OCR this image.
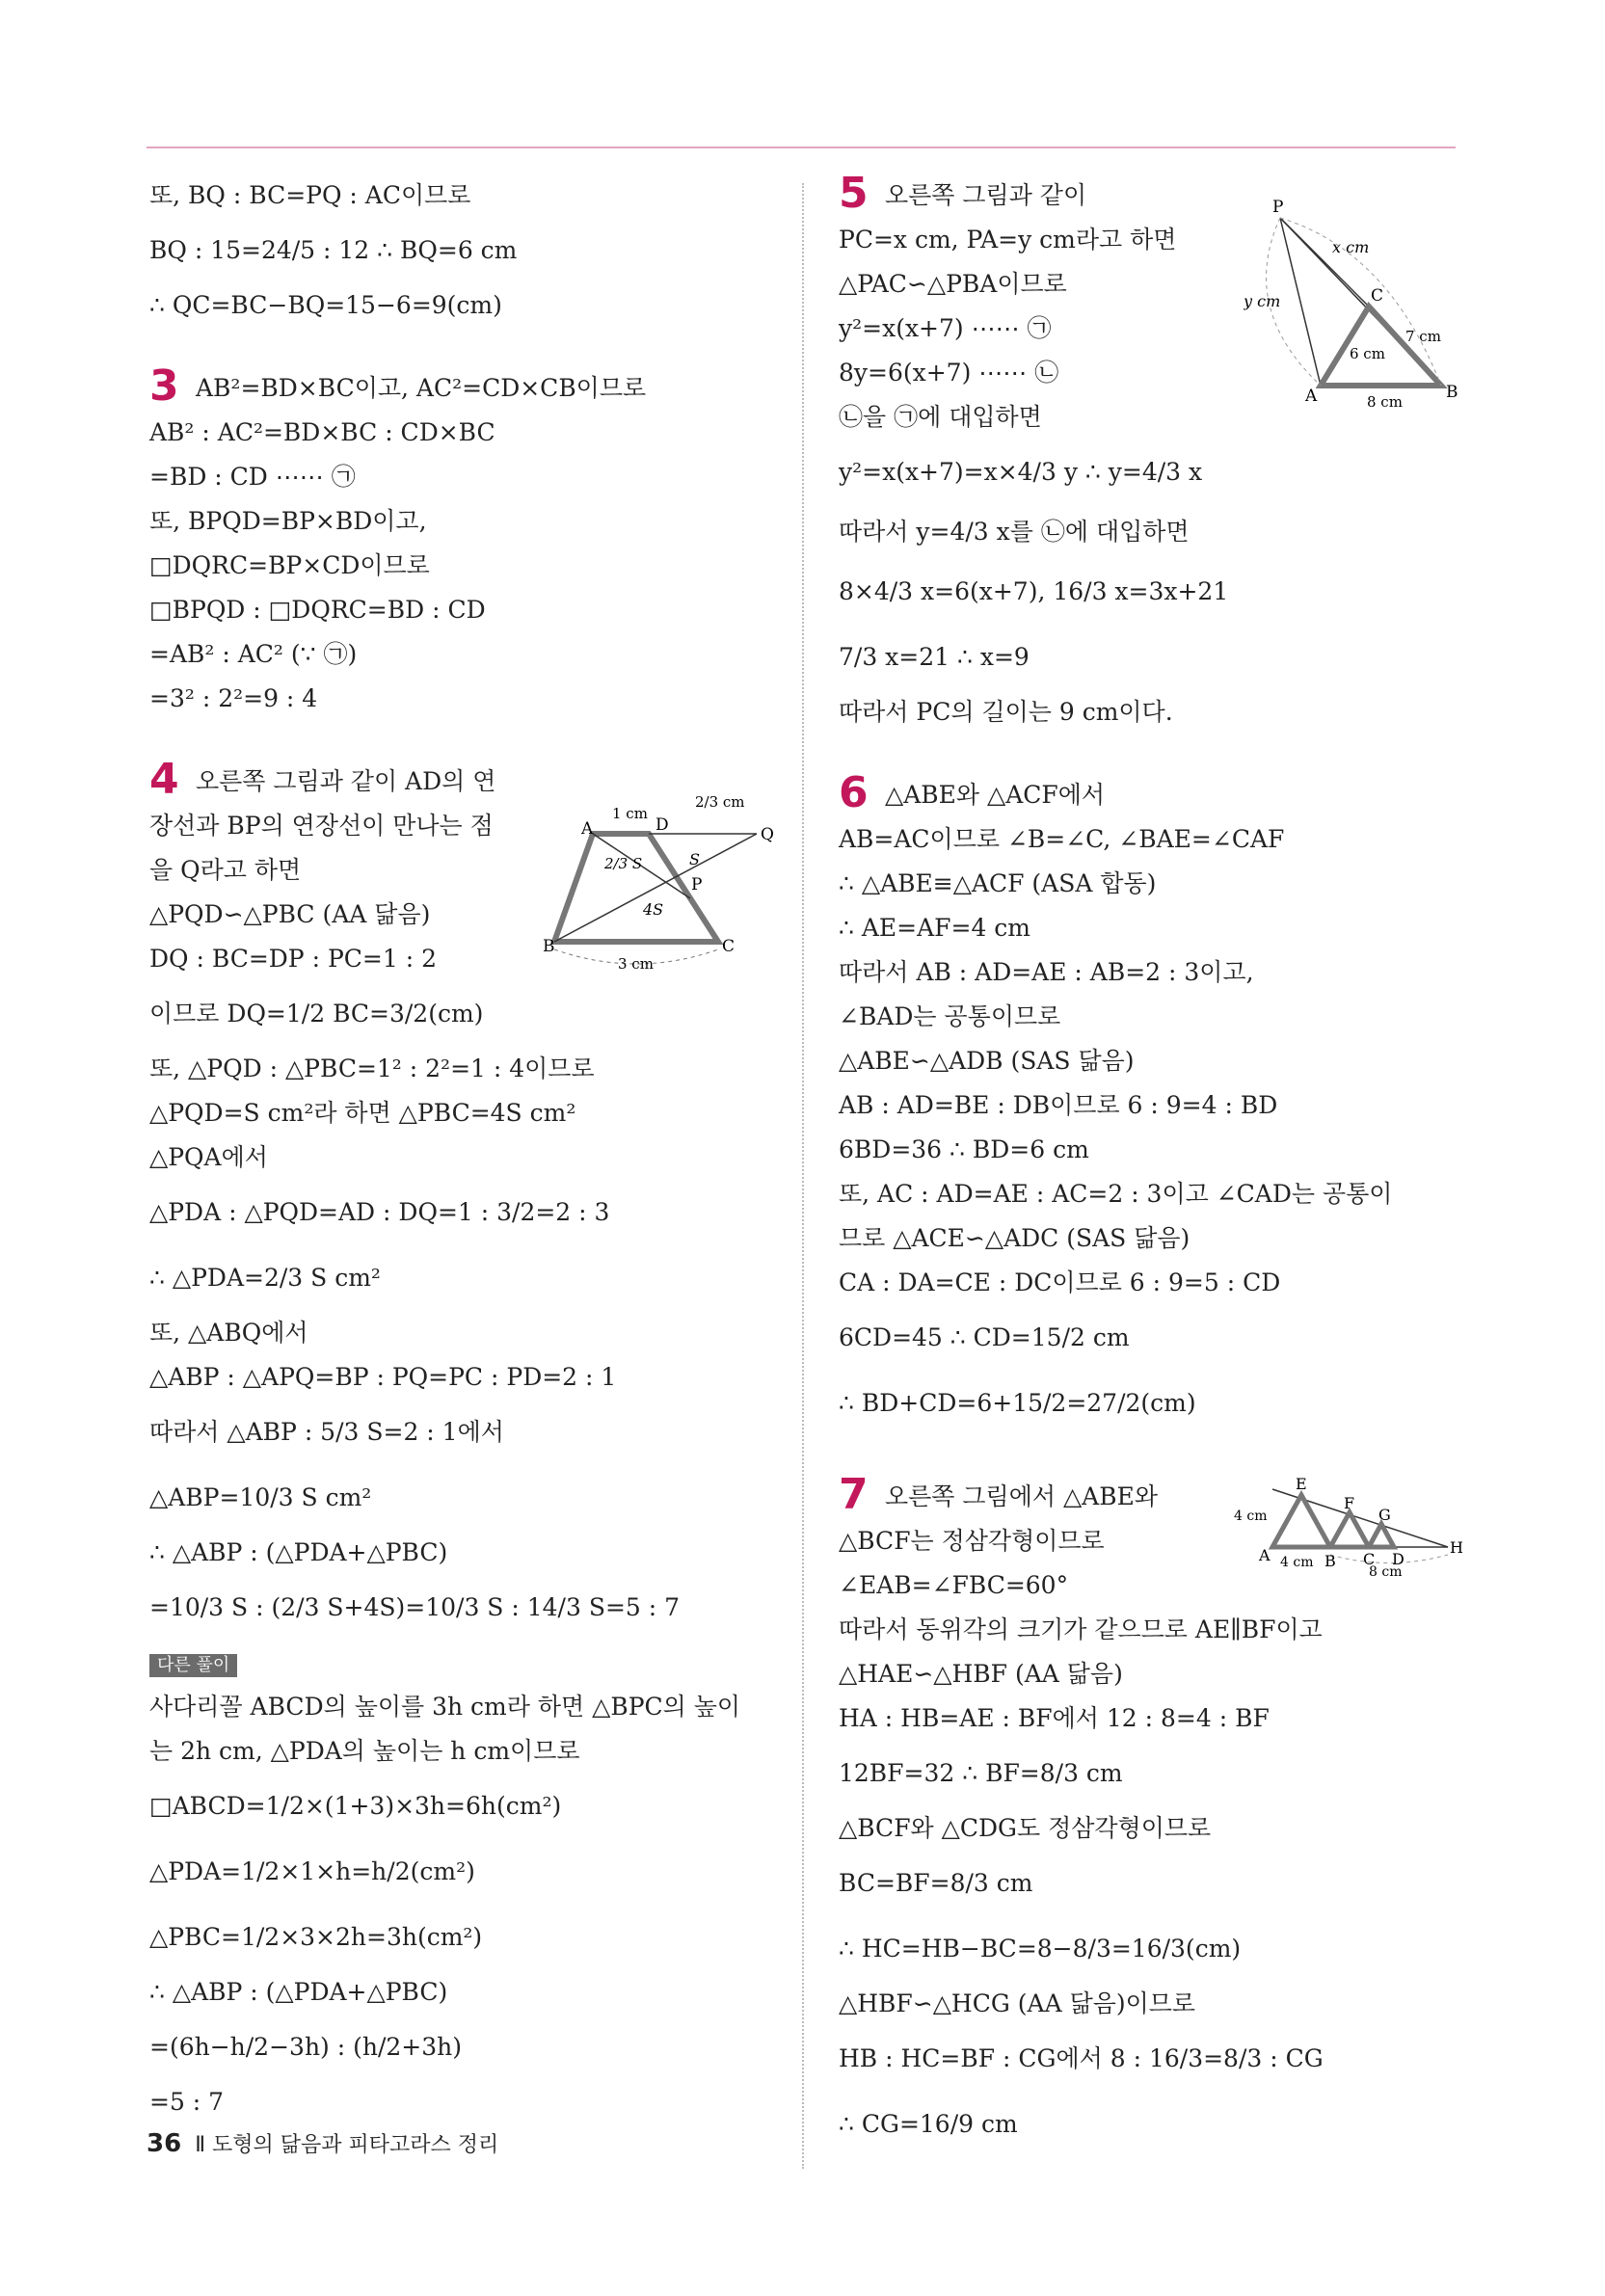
또, BQ : BC=PQ : AC이므로
BQ : 15=24/5 : 12 ∴ BQ=6 cm
∴ QC=BC−BQ=15−6=9(cm)
3 AB²=BD×BC이고, AC²=CD×CB이므로
AB² : AC²=BD×BC : CD×BC
=BD : CD ⋯⋯ ㉠
또, BPQD=BP×BD이고,
□DQRC=BP×CD이므로
□BPQD : □DQRC=BD : CD
=AB² : AC² (∵ ㉠)
=3² : 2²=9 : 4
4 오른쪽 그림과 같이 AD의 연
장선과 BP의 연장선이 만나는 점
을 Q라고 하면
△PQD∽△PBC (AA 닮음)
DQ : BC=DP : PC=1 : 2
이므로 DQ=1/2 BC=3/2(cm)
또, △PQD : △PBC=1² : 2²=1 : 4이므로
△PQD=S cm²라 하면 △PBC=4S cm²
△PQA에서
△PDA : △PQD=AD : DQ=1 : 3/2=2 : 3
∴ △PDA=2/3 S cm²
또, △ABQ에서
△ABP : △APQ=BP : PQ=PC : PD=2 : 1
따라서 △ABP : 5/3 S=2 : 1에서
△ABP=10/3 S cm²
∴ △ABP : (△PDA+△PBC)
=10/3 S : (2/3 S+4S)=10/3 S : 14/3 S=5 : 7
다른 풀이
사다리꼴 ABCD의 높이를 3h cm라 하면 △BPC의 높이
는 2h cm, △PDA의 높이는 h cm이므로
□ABCD=1/2×(1+3)×3h=6h(cm²)
△PDA=1/2×1×h=h/2(cm²)
△PBC=1/2×3×2h=3h(cm²)
∴ △ABP : (△PDA+△PBC)
=(6h−h/2−3h) : (h/2+3h)
=5 : 7
5 오른쪽 그림과 같이
PC=x cm, PA=y cm라고 하면
△PAC∽△PBA이므로
y²=x(x+7) ⋯⋯ ㉠
8y=6(x+7) ⋯⋯ ㉡
㉡을 ㉠에 대입하면
y²=x(x+7)=x×4/3 y ∴ y=4/3 x
따라서 y=4/3 x를 ㉡에 대입하면
8×4/3 x=6(x+7), 16/3 x=3x+21
7/3 x=21 ∴ x=9
따라서 PC의 길이는 9 cm이다.
6 △ABE와 △ACF에서
AB=AC이므로 ∠B=∠C, ∠BAE=∠CAF
∴ △ABE≡△ACF (ASA 합동)
∴ AE=AF=4 cm
따라서 AB : AD=AE : AB=2 : 3이고,
∠BAD는 공통이므로
△ABE∽△ADB (SAS 닮음)
AB : AD=BE : DB이므로 6 : 9=4 : BD
6BD=36 ∴ BD=6 cm
또, AC : AD=AE : AC=2 : 3이고 ∠CAD는 공통이
므로 △ACE∽△ADC (SAS 닮음)
CA : DA=CE : DC이므로 6 : 9=5 : CD
6CD=45 ∴ CD=15/2 cm
∴ BD+CD=6+15/2=27/2(cm)
7 오른쪽 그림에서 △ABE와
△BCF는 정삼각형이므로
∠EAB=∠FBC=60°
따라서 동위각의 크기가 같으므로 AE∥BF이고
△HAE∽△HBF (AA 닮음)
HA : HB=AE : BF에서 12 : 8=4 : BF
12BF=32 ∴ BF=8/3 cm
△BCF와 △CDG도 정삼각형이므로
BC=BF=8/3 cm
∴ HC=HB−BC=8−8/3=16/3(cm)
△HBF∽△HCG (AA 닮음)이므로
HB : HC=BF : CG에서 8 : 16/3=8/3 : CG
∴ CG=16/9 cm
A	D
B	C
P
Q
1 cm
2/3 cm
3 cm
S
2/3 S
4S
P
A	B
C
x cm
y cm
6 cm
7 cm
8 cm
A
E
F
G
B C D
H
4 cm
4 cm
8 cm
36 Ⅱ 도형의 닮음과 피타고라스 정리
